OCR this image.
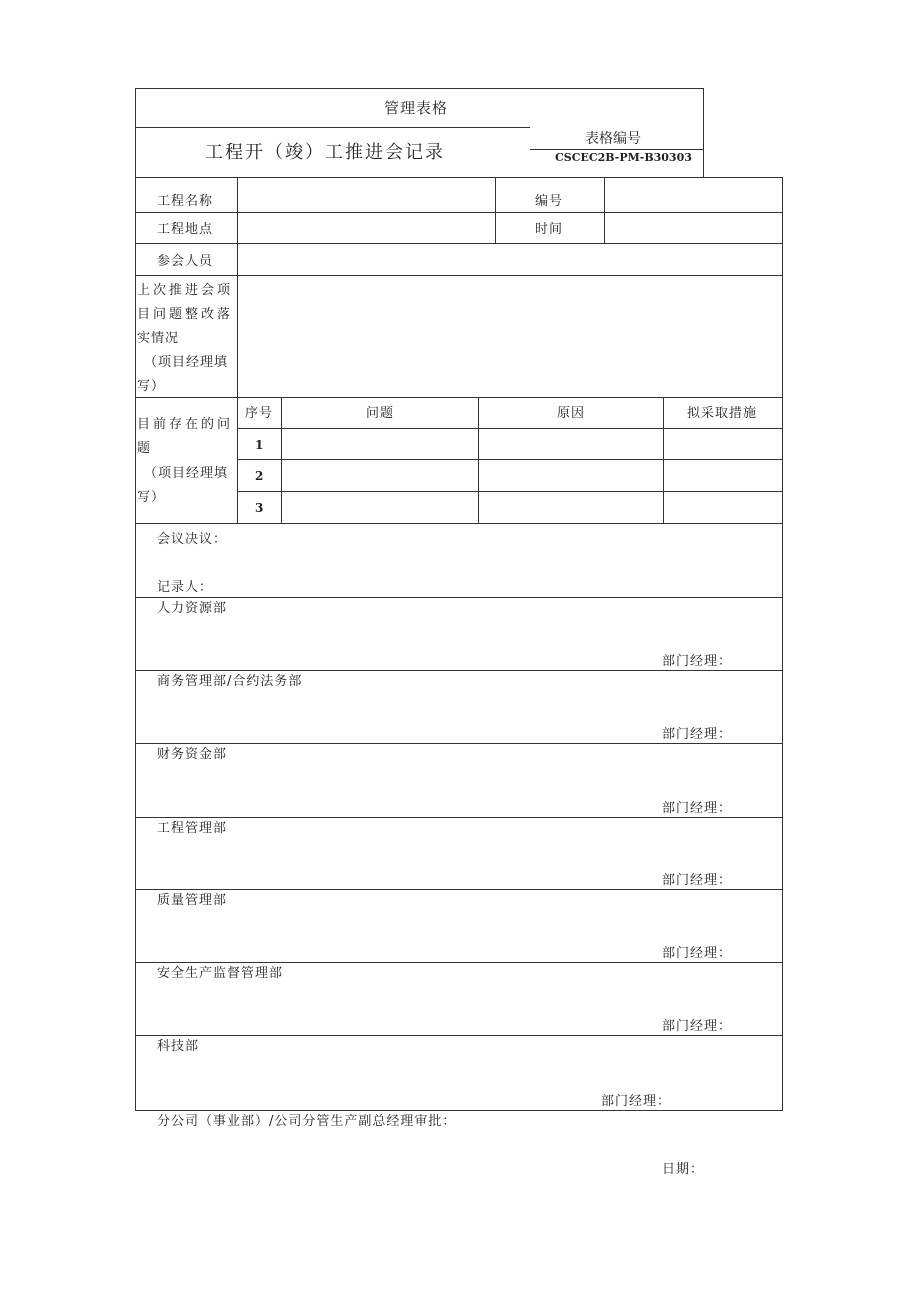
管理表格
工程开（竣）工推进会记录
表格编号
CSCEC2B-PM-B30303
工程名称	编号
工程地点	时间
参会人员
上次推进会项
目问题整改落
实情况
（项目经理填
写）
目前存在的问
题
（项目经理填
写）
序号	问题	原因	拟采取措施
1
2
3
会议决议：
记录人：
人力资源部
部门经理：
商务管理部/合约法务部
部门经理：
财务资金部
部门经理：
工程管理部
部门经理：
质量管理部
部门经理：
安全生产监督管理部
部门经理：
科技部
部门经理：
分公司（事业部）/公司分管生产副总经理审批：
日期：
